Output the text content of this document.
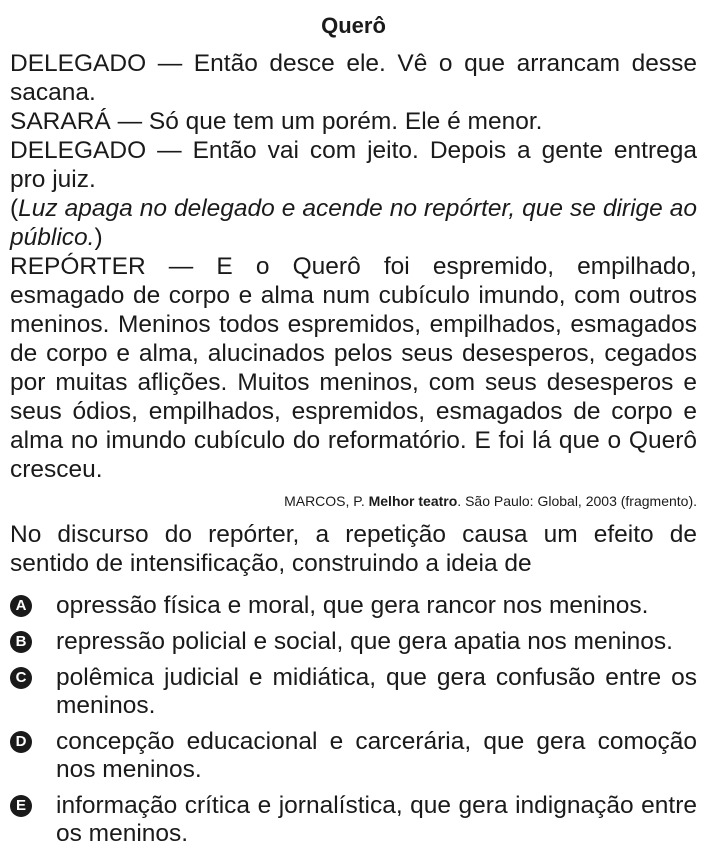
Querô

DELEGADO — Então desce ele. Vê o que arrancam desse sacana.

SARARÁ — Só que tem um porém. Ele é menor.

DELEGADO — Então vai com jeito. Depois a gente entrega pro juiz.

(Luz apaga no delegado e acende no repórter, que se dirige ao público.)

REPÓRTER — E o Querô foi espremido, empilhado, esmagado de corpo e alma num cubículo imundo, com outros meninos. Meninos todos espremidos, empilhados, esmagados de corpo e alma, alucinados pelos seus desesperos, cegados por muitas aflições. Muitos meninos, com seus desesperos e seus ódios, empilhados, espremidos, esmagados de corpo e alma no imundo cubículo do reformatório. E foi lá que o Querô cresceu.

MARCOS, P. Melhor teatro. São Paulo: Global, 2003 (fragmento).

No discurso do repórter, a repetição causa um efeito de sentido de intensificação, construindo a ideia de

A opressão física e moral, que gera rancor nos meninos.
B repressão policial e social, que gera apatia nos meninos.
C polêmica judicial e midiática, que gera confusão entre os meninos.
D concepção educacional e carcerária, que gera comoção nos meninos.
E informação crítica e jornalística, que gera indignação entre os meninos.
